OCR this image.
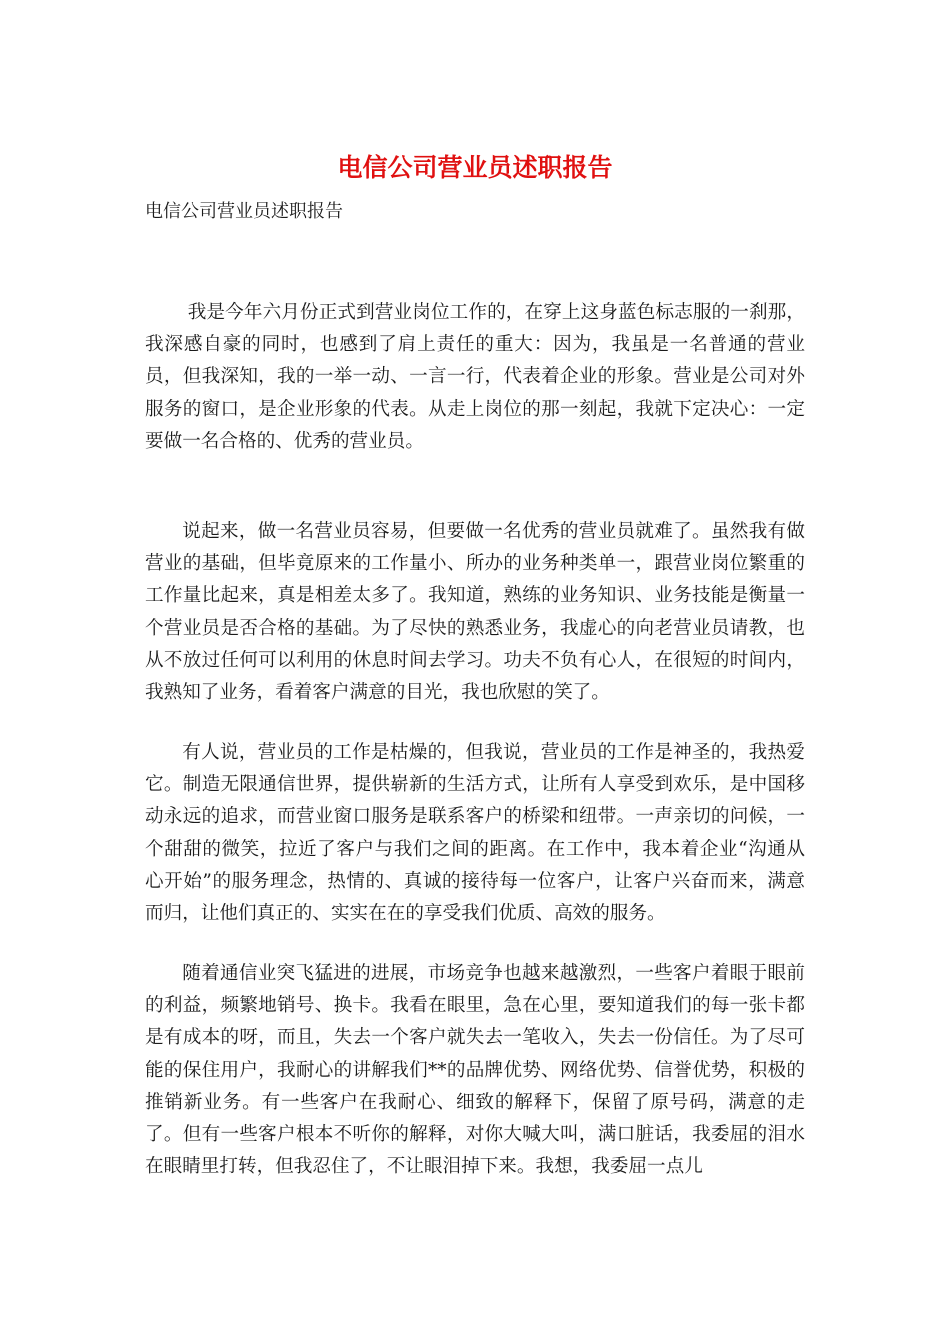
电信公司营业员述职报告
电信公司营业员述职报告

我是今年六月份正式到营业岗位工作的，在穿上这身蓝色标志服的一刹那，我深感自豪的同时，也感到了肩上责任的重大：因为，我虽是一名普通的营业员，但我深知，我的一举一动、一言一行，代表着企业的形象。营业是公司对外服务的窗口，是企业形象的代表。从走上岗位的那一刻起，我就下定决心：一定要做一名合格的、优秀的营业员。

说起来，做一名营业员容易，但要做一名优秀的营业员就难了。虽然我有做营业的基础，但毕竟原来的工作量小、所办的业务种类单一，跟营业岗位繁重的工作量比起来，真是相差太多了。我知道，熟练的业务知识、业务技能是衡量一个营业员是否合格的基础。为了尽快的熟悉业务，我虚心的向老营业员请教，也从不放过任何可以利用的休息时间去学习。功夫不负有心人，在很短的时间内，我熟知了业务，看着客户满意的目光，我也欣慰的笑了。

有人说，营业员的工作是枯燥的，但我说，营业员的工作是神圣的，我热爱它。制造无限通信世界，提供崭新的生活方式，让所有人享受到欢乐，是中国移动永远的追求，而营业窗口服务是联系客户的桥梁和纽带。一声亲切的问候，一个甜甜的微笑，拉近了客户与我们之间的距离。在工作中，我本着企业“沟通从心开始”的服务理念，热情的、真诚的接待每一位客户，让客户兴奋而来，满意而归，让他们真正的、实实在在的享受我们优质、高效的服务。

随着通信业突飞猛进的进展，市场竞争也越来越激烈，一些客户着眼于眼前的利益，频繁地销号、换卡。我看在眼里，急在心里，要知道我们的每一张卡都是有成本的呀，而且，失去一个客户就失去一笔收入，失去一份信任。为了尽可能的保住用户，我耐心的讲解我们**的品牌优势、网络优势、信誉优势，积极的推销新业务。有一些客户在我耐心、细致的解释下，保留了原号码，满意的走了。但有一些客户根本不听你的解释，对你大喊大叫，满口脏话，我委屈的泪水在眼睛里打转，但我忍住了，不让眼泪掉下来。我想，我委屈一点儿
